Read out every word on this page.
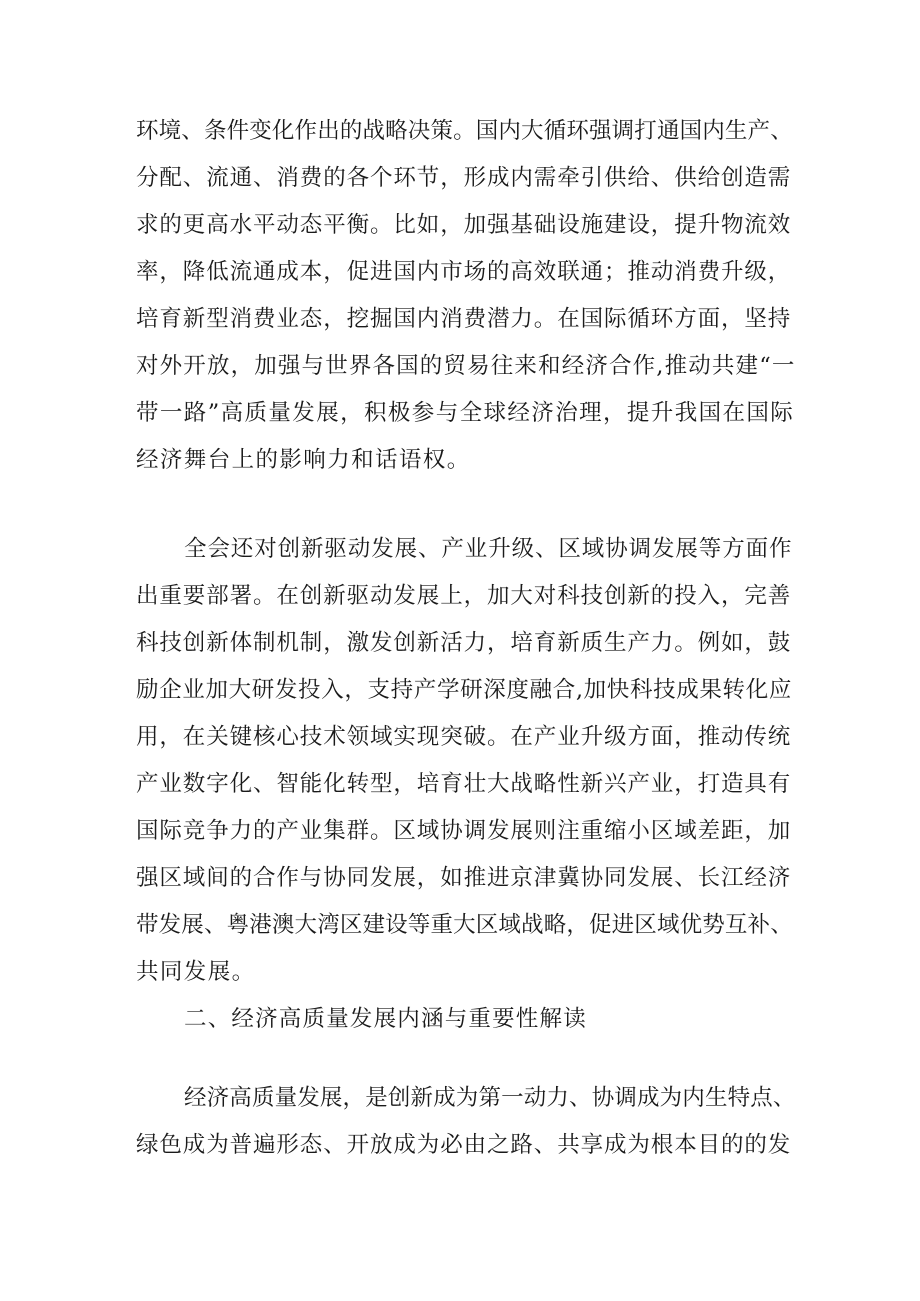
环境、条件变化作出的战略决策。国内大循环强调打通国内生产、
分配、流通、消费的各个环节，形成内需牵引供给、供给创造需
求的更高水平动态平衡。比如，加强基础设施建设，提升物流效
率，降低流通成本，促进国内市场的高效联通；推动消费升级，
培育新型消费业态，挖掘国内消费潜力。在国际循环方面，坚持
对外开放，加强与世界各国的贸易往来和经济合作,推动共建“一
带一路”高质量发展，积极参与全球经济治理，提升我国在国际
经济舞台上的影响力和话语权。
全会还对创新驱动发展、产业升级、区域协调发展等方面作
出重要部署。在创新驱动发展上，加大对科技创新的投入，完善
科技创新体制机制，激发创新活力，培育新质生产力。例如，鼓
励企业加大研发投入，支持产学研深度融合,加快科技成果转化应
用，在关键核心技术领域实现突破。在产业升级方面，推动传统
产业数字化、智能化转型，培育壮大战略性新兴产业，打造具有
国际竞争力的产业集群。区域协调发展则注重缩小区域差距，加
强区域间的合作与协同发展，如推进京津冀协同发展、长江经济
带发展、粤港澳大湾区建设等重大区域战略，促进区域优势互补、
共同发展。
二、经济高质量发展内涵与重要性解读
经济高质量发展，是创新成为第一动力、协调成为内生特点、
绿色成为普遍形态、开放成为必由之路、共享成为根本目的的发
